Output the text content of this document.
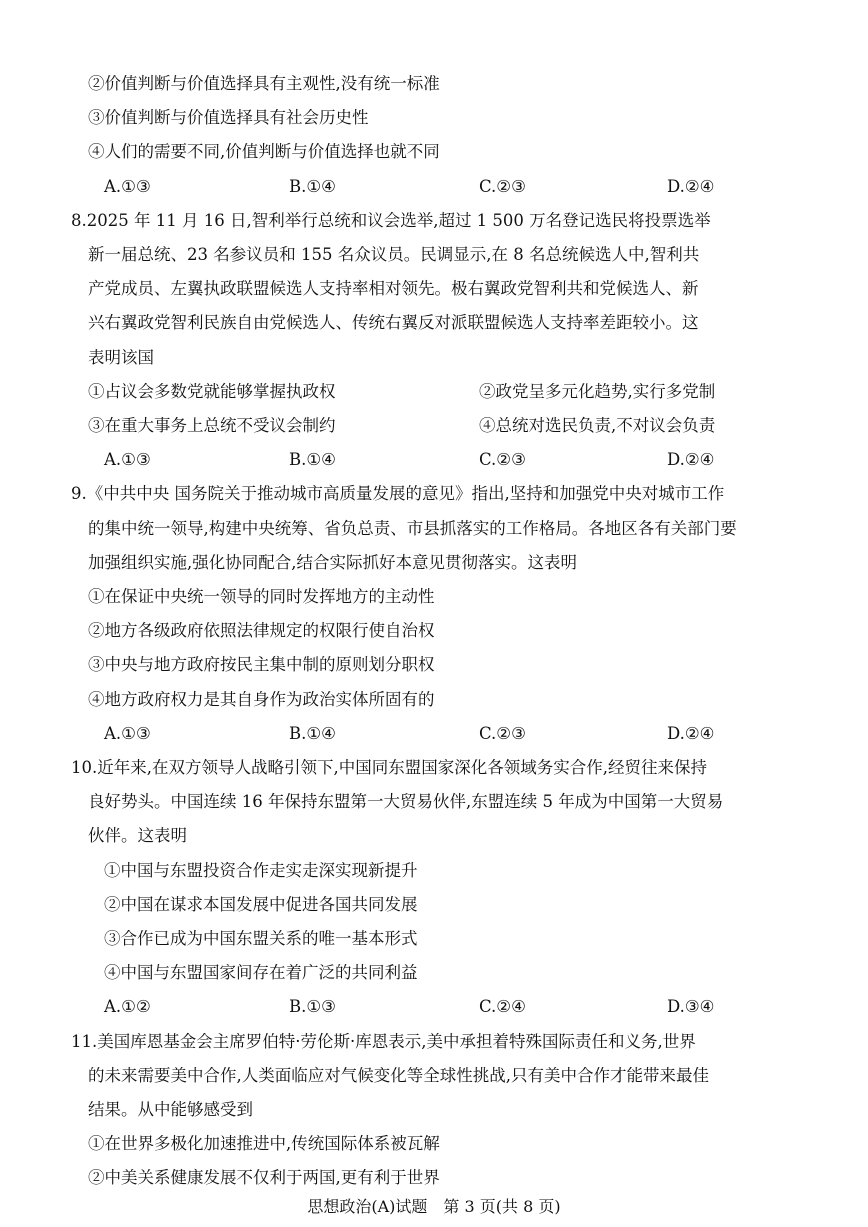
②价值判断与价值选择具有主观性,没有统一标准
③价值判断与价值选择具有社会历史性
④人们的需要不同,价值判断与价值选择也就不同
A.①③	B.①④	C.②③	D.②④
8.2025 年 11 月 16 日,智利举行总统和议会选举,超过 1 500 万名登记选民将投票选举
新一届总统、23 名参议员和 155 名众议员。民调显示,在 8 名总统候选人中,智利共
产党成员、左翼执政联盟候选人支持率相对领先。极右翼政党智利共和党候选人、新
兴右翼政党智利民族自由党候选人、传统右翼反对派联盟候选人支持率差距较小。这
表明该国
①占议会多数党就能够掌握执政权	②政党呈多元化趋势,实行多党制
③在重大事务上总统不受议会制约	④总统对选民负责,不对议会负责
A.①③	B.①④	C.②③	D.②④
9.《中共中央 国务院关于推动城市高质量发展的意见》指出,坚持和加强党中央对城市工作
的集中统一领导,构建中央统筹、省负总责、市县抓落实的工作格局。各地区各有关部门要
加强组织实施,强化协同配合,结合实际抓好本意见贯彻落实。这表明
①在保证中央统一领导的同时发挥地方的主动性
②地方各级政府依照法律规定的权限行使自治权
③中央与地方政府按民主集中制的原则划分职权
④地方政府权力是其自身作为政治实体所固有的
A.①③	B.①④	C.②③	D.②④
10.近年来,在双方领导人战略引领下,中国同东盟国家深化各领域务实合作,经贸往来保持
良好势头。中国连续 16 年保持东盟第一大贸易伙伴,东盟连续 5 年成为中国第一大贸易
伙伴。这表明
①中国与东盟投资合作走实走深实现新提升
②中国在谋求本国发展中促进各国共同发展
③合作已成为中国东盟关系的唯一基本形式
④中国与东盟国家间存在着广泛的共同利益
A.①②	B.①③	C.②④	D.③④
11.美国库恩基金会主席罗伯特·劳伦斯·库恩表示,美中承担着特殊国际责任和义务,世界
的未来需要美中合作,人类面临应对气候变化等全球性挑战,只有美中合作才能带来最佳
结果。从中能够感受到
①在世界多极化加速推进中,传统国际体系被瓦解
思想政治(A)试题　第 3 页(共 8 页)
②中美关系健康发展不仅利于两国,更有利于世界
